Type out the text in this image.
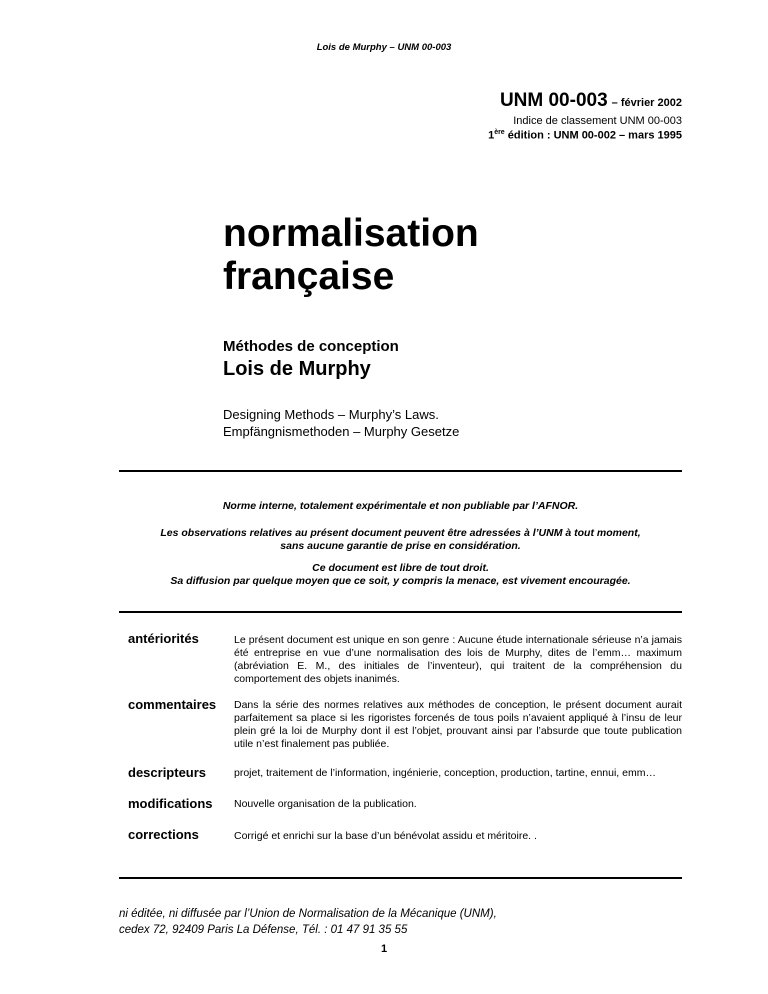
Lois de Murphy – UNM 00-003
UNM 00-003 – février 2002
Indice de classement UNM 00-003
1ère édition : UNM 00-002 – mars 1995
normalisation
française
Méthodes de conception
Lois de Murphy
Designing Methods – Murphy’s Laws.
Empfängnismethoden – Murphy Gesetze
Norme interne, totalement expérimentale et non publiable par l’AFNOR.
Les observations relatives au présent document peuvent être adressées à l’UNM à tout moment,
sans aucune garantie de prise en considération.
Ce document est libre de tout droit.
Sa diffusion par quelque moyen que ce soit, y compris la menace, est vivement encouragée.
antériorités	Le présent document est unique en son genre : Aucune étude internationale sérieuse n’a jamais été entreprise en vue d’une normalisation des lois de Murphy, dites de l’emm… maximum (abréviation E. M., des initiales de l’inventeur), qui traitent de la compréhension du comportement des objets inanimés.
commentaires Dans la série des normes relatives aux méthodes de conception, le présent document aurait parfaitement sa place si les rigoristes forcenés de tous poils n’avaient appliqué à l’insu de leur plein gré la loi de Murphy dont il est l’objet, prouvant ainsi par l’absurde que toute publication utile n’est finalement pas publiée.
descripteurs	projet, traitement de l’information, ingénierie, conception, production, tartine, ennui, emm…
modifications Nouvelle organisation de la publication.
corrections	Corrigé et enrichi sur la base d’un bénévolat assidu et méritoire. .
ni éditée, ni diffusée par l’Union de Normalisation de la Mécanique (UNM),
cedex 72, 92409 Paris La Défense, Tél. : 01 47 91 35 55
1
